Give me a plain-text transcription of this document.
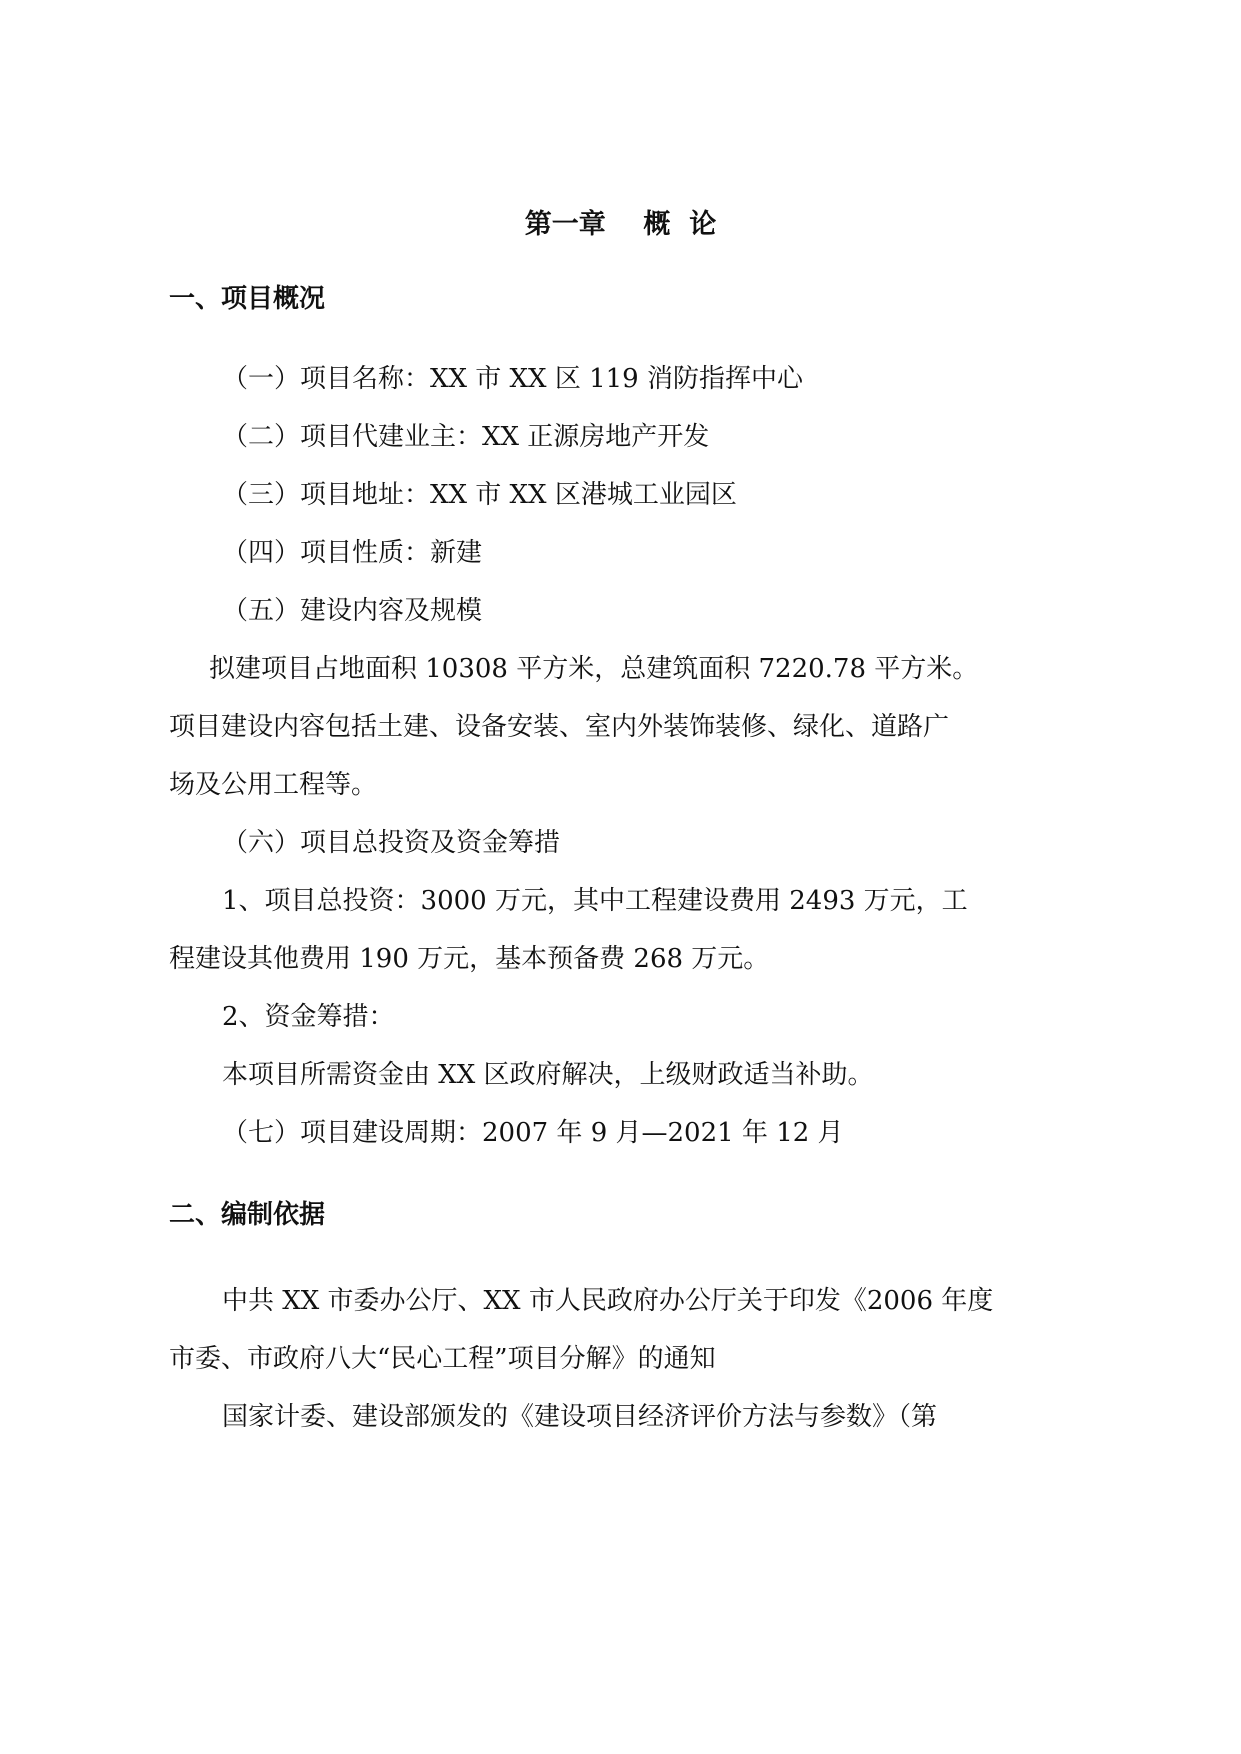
第一章    概  论
一、项目概况

（一）项目名称：XX 市 XX 区 119 消防指挥中心

（二）项目代建业主：XX 正源房地产开发

（三）项目地址：XX 市 XX 区港城工业园区

（四）项目性质：新建

（五）建设内容及规模

拟建项目占地面积 10308 平方米，总建筑面积 7220.78 平方米。

项目建设内容包括土建、设备安装、室内外装饰装修、绿化、道路广

场及公用工程等。

（六）项目总投资及资金筹措

1、项目总投资：3000 万元，其中工程建设费用 2493 万元，工

程建设其他费用 190 万元，基本预备费 268 万元。

2、资金筹措：

本项目所需资金由 XX 区政府解决，上级财政适当补助。

（七）项目建设周期：2007 年 9 月—2021 年 12 月

二、编制依据

中共 XX 市委办公厅、XX 市人民政府办公厅关于印发《2006 年度

市委、市政府八大“民心工程”项目分解》的通知

国家计委、建设部颁发的《建设项目经济评价方法与参数》（第
